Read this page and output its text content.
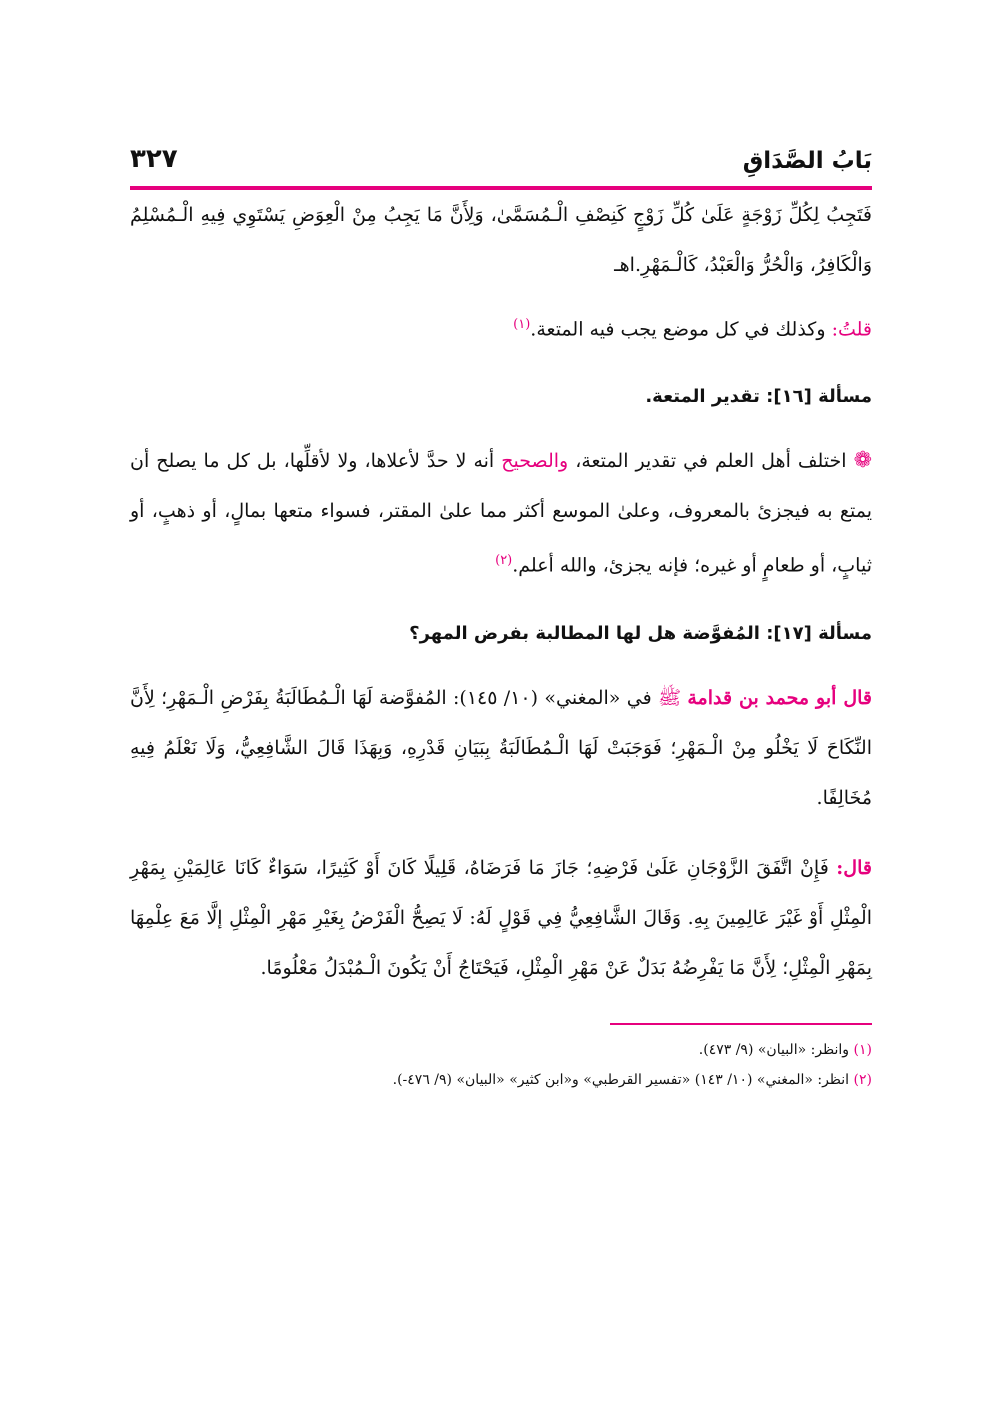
بَابُ الصَّدَاقِ
٣٢٧

فَتَجِبُ لِكُلِّ زَوْجَةٍ عَلَىٰ كُلِّ زَوْجٍ كَنِصْفِ الْـمُسَمَّىٰ، وَلِأَنَّ مَا يَجِبُ مِنْ الْعِوَضِ يَسْتَوِي فِيهِ الْـمُسْلِمُ وَالْكَافِرُ، وَالْحُرُّ وَالْعَبْدُ، كَالْـمَهْرِ.اهـ

قلتُ: وكذلك في كل موضع يجب فيه المتعة.$^{(١)}$

مسألة [١٦]: تقدير المتعة.

❁ اختلف أهل العلم في تقدير المتعة، والصحيح أنه لا حدَّ لأعلاها، ولا لأقلِّها، بل كل ما يصلح أن يمتع به فيجزئ بالمعروف، وعلىٰ الموسع أكثر مما علىٰ المقتر، فسواء متعها بمالٍ، أو ذهبٍ، أو ثيابٍ، أو طعامٍ أو غيره؛ فإنه يجزئ، والله أعلم.$^{(٢)}$

مسألة [١٧]: المُفوَّضة هل لها المطالبة بفرض المهر؟

قال أبو محمد بن قدامة ﷺ في «المغني» (١٠/ ١٤٥): المُفوَّضة لَهَا الْـمُطَالَبَةُ بِفَرْضِ الْـمَهْرِ؛ لِأَنَّ النِّكَاحَ لَا يَخْلُو مِنْ الْـمَهْرِ؛ فَوَجَبَتْ لَهَا الْـمُطَالَبَةُ بِبَيَانِ قَدْرِهِ، وَبِهَذَا قَالَ الشَّافِعِيُّ، وَلَا نَعْلَمُ فِيهِ مُخَالِفًا.

قال: فَإِنْ اتَّفَقَ الزَّوْجَانِ عَلَىٰ فَرْضِهِ؛ جَازَ مَا فَرَضَاهُ، قَلِيلًا كَانَ أَوْ كَثِيرًا، سَوَاءٌ كَانَا عَالِمَيْنِ بِمَهْرِ الْمِثْلِ أَوْ غَيْرَ عَالِمِينَ بِهِ. وَقَالَ الشَّافِعِيُّ فِي قَوْلٍ لَهُ: لَا يَصِحُّ الْفَرْضُ بِغَيْرِ مَهْرِ الْمِثْلِ إلَّا مَعَ عِلْمِهَا بِمَهْرِ الْمِثْلِ؛ لِأَنَّ مَا يَفْرِضُهُ بَدَلٌ عَنْ مَهْرِ الْمِثْلِ، فَيَحْتَاجُ أَنْ يَكُونَ الْـمُبْدَلُ مَعْلُومًا.

(١) وانظر: «البيان» (٩/ ٤٧٣).
(٢) انظر: «المغني» (١٠/ ١٤٣) «تفسير القرطبي» و«ابن كثير» «البيان» (٩/ ٤٧٦-).
